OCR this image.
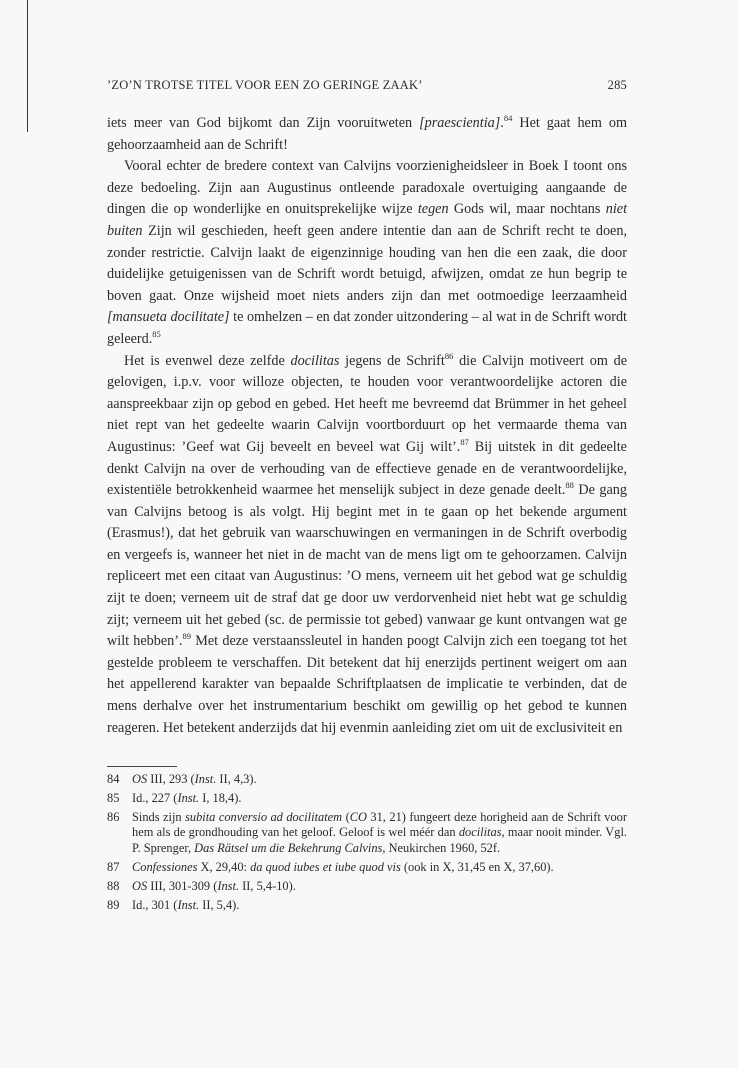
’ZO’N TROTSE TITEL VOOR EEN ZO GERINGE ZAAK’	285

iets meer van God bijkomt dan Zijn vooruitweten [praescientia].$^{84}$ Het gaat hem om gehoorzaamheid aan de Schrift!

Vooral echter de bredere context van Calvijns voorzienigheidsleer in Boek I toont ons deze bedoeling. Zijn aan Augustinus ontleende paradoxale overtuiging aangaande de dingen die op wonderlijke en onuitsprekelijke wijze tegen Gods wil, maar nochtans niet buiten Zijn wil geschieden, heeft geen andere intentie dan aan de Schrift recht te doen, zonder restrictie. Calvijn laakt de eigenzinnige houding van hen die een zaak, die door duidelijke getuigenissen van de Schrift wordt betuigd, afwijzen, omdat ze hun begrip te boven gaat. Onze wijsheid moet niets anders zijn dan met ootmoedige leerzaamheid [mansueta docilitate] te omhelzen – en dat zonder uitzondering – al wat in de Schrift wordt geleerd.$^{85}$

Het is evenwel deze zelfde docilitas jegens de Schrift$^{86}$ die Calvijn motiveert om de gelovigen, i.p.v. voor willoze objecten, te houden voor verantwoordelijke actoren die aanspreekbaar zijn op gebod en gebed. Het heeft me bevreemd dat Brümmer in het geheel niet rept van het gedeelte waarin Calvijn voortborduurt op het vermaarde thema van Augustinus: ’Geef wat Gij beveelt en beveel wat Gij wilt’.$^{87}$ Bij uitstek in dit gedeelte denkt Calvijn na over de verhouding van de effectieve genade en de verantwoordelijke, existentiële betrokkenheid waarmee het menselijk subject in deze genade deelt.$^{88}$ De gang van Calvijns betoog is als volgt. Hij begint met in te gaan op het bekende argument (Erasmus!), dat het gebruik van waarschuwingen en vermaningen in de Schrift overbodig en vergeefs is, wanneer het niet in de macht van de mens ligt om te gehoorzamen. Calvijn repliceert met een citaat van Augustinus: ’O mens, verneem uit het gebod wat ge schuldig zijt te doen; verneem uit de straf dat ge door uw verdorvenheid niet hebt wat ge schuldig zijt; verneem uit het gebed (sc. de permissie tot gebed) vanwaar ge kunt ontvangen wat ge wilt hebben’.$^{89}$ Met deze verstaanssleutel in handen poogt Calvijn zich een toegang tot het gestelde probleem te verschaffen. Dit betekent dat hij enerzijds pertinent weigert om aan het appellerend karakter van bepaalde Schriftplaatsen de implicatie te verbinden, dat de mens derhalve over het instrumentarium beschikt om gewillig op het gebod te kunnen reageren. Het betekent anderzijds dat hij evenmin aanleiding ziet om uit de exclusiviteit en

84	OS III, 293 (Inst. II, 4,3).
85	Id., 227 (Inst. I, 18,4).
86	Sinds zijn subita conversio ad docilitatem (CO 31, 21) fungeert deze horigheid aan de Schrift voor hem als de grondhouding van het geloof. Geloof is wel méér dan docilitas, maar nooit minder. Vgl. P. Sprenger, Das Rätsel um die Bekehrung Calvins, Neukirchen 1960, 52f.
87	Confessiones X, 29,40: da quod iubes et iube quod vis (ook in X, 31,45 en X, 37,60).
88	OS III, 301-309 (Inst. II, 5,4-10).
89	Id., 301 (Inst. II, 5,4).
